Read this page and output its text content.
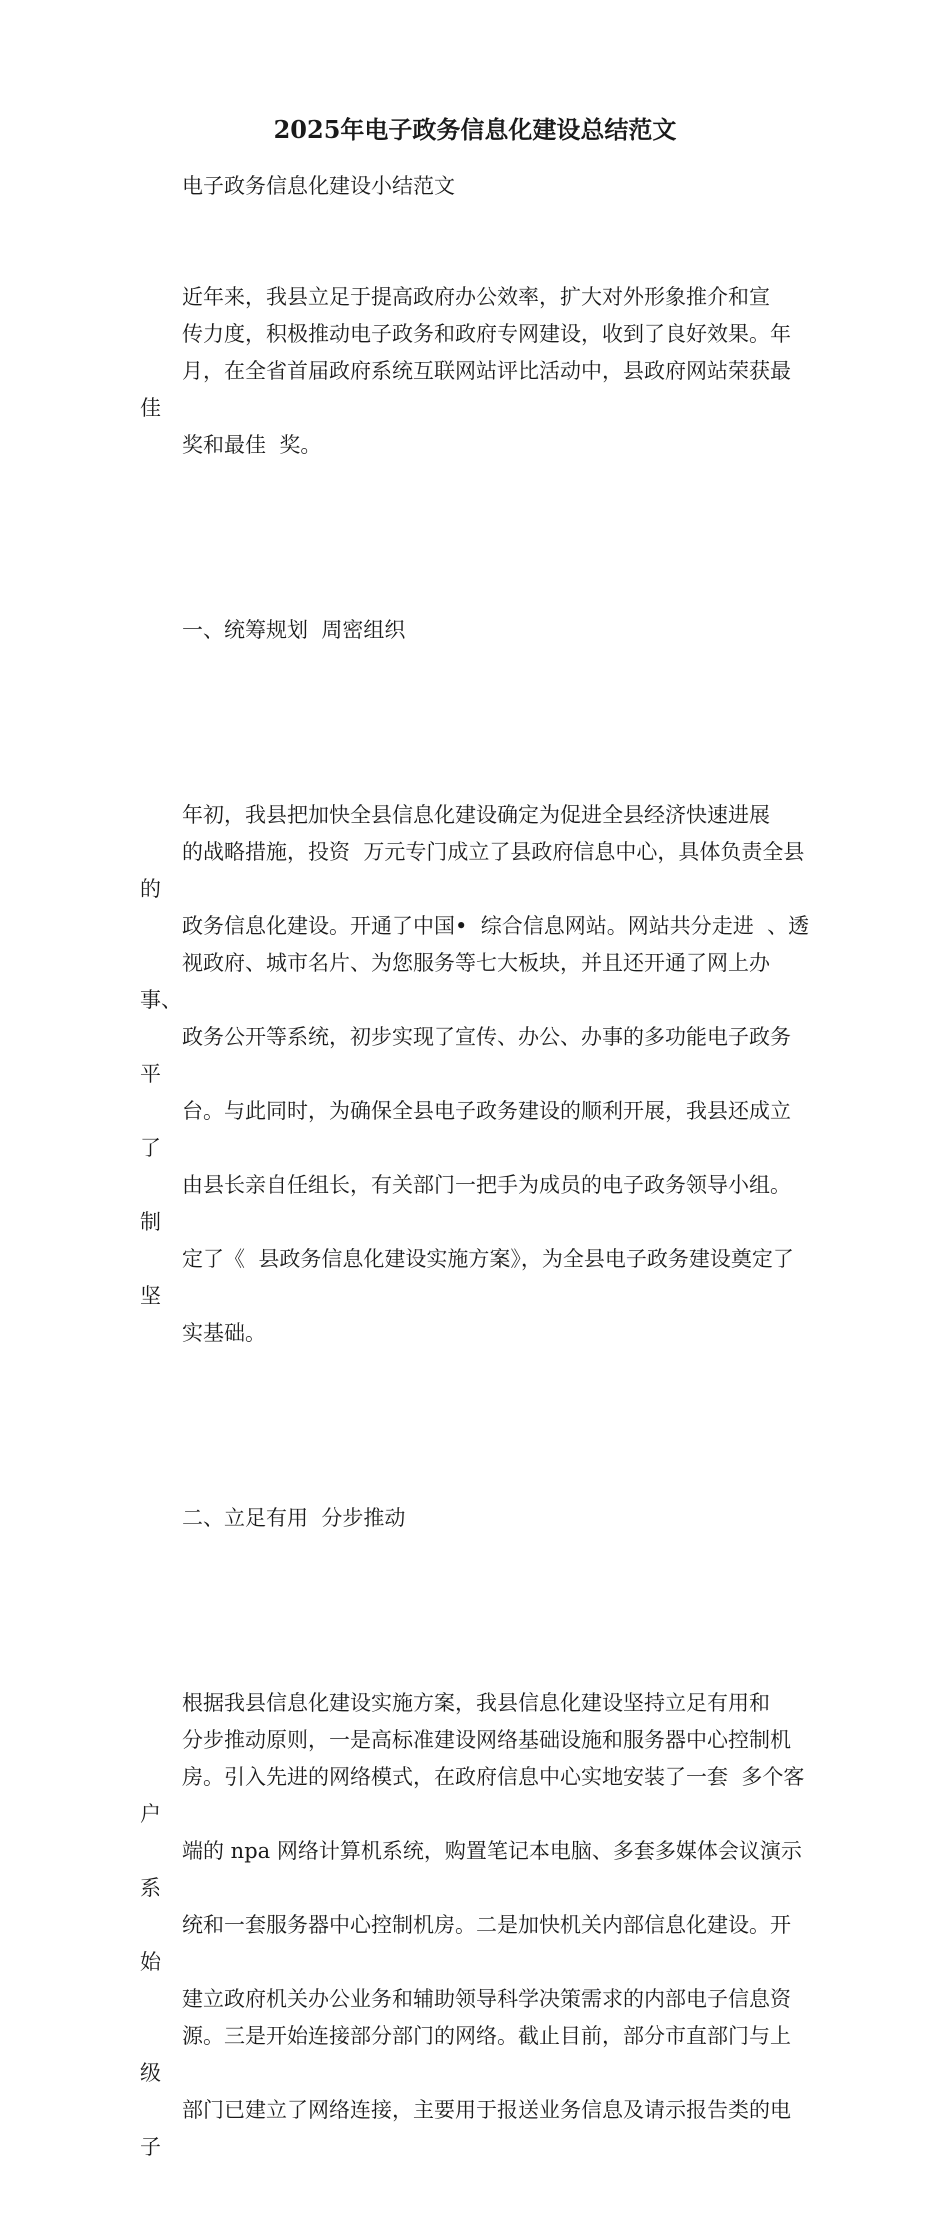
2025年电子政务信息化建设总结范文

电子政务信息化建设小结范文

近年来，我县立足于提高政府办公效率，扩大对外形象推介和宣
传力度，积极推动电子政务和政府专网建设，收到了良好效果。年
月，在全省首届政府系统互联网站评比活动中，县政府网站荣获最佳
奖和最佳  奖。

一、统筹规划  周密组织

年初，我县把加快全县信息化建设确定为促进全县经济快速进展
的战略措施，投资  万元专门成立了县政府信息中心，具体负责全县的
政务信息化建设。开通了中国•  综合信息网站。网站共分走进  、透
视政府、城市名片、为您服务等七大板块，并且还开通了网上办事、
政务公开等系统，初步实现了宣传、办公、办事的多功能电子政务平
台。与此同时，为确保全县电子政务建设的顺利开展，我县还成立了
由县长亲自任组长，有关部门一把手为成员的电子政务领导小组。制
定了《  县政务信息化建设实施方案》，为全县电子政务建设奠定了坚
实基础。

二、立足有用  分步推动

根据我县信息化建设实施方案，我县信息化建设坚持立足有用和
分步推动原则，一是高标准建设网络基础设施和服务器中心控制机
房。引入先进的网络模式，在政府信息中心实地安装了一套  多个客户
端的 npa 网络计算机系统，购置笔记本电脑、多套多媒体会议演示系
统和一套服务器中心控制机房。二是加快机关内部信息化建设。开始
建立政府机关办公业务和辅助领导科学决策需求的内部电子信息资
源。三是开始连接部分部门的网络。截止目前，部分市直部门与上级
部门已建立了网络连接，主要用于报送业务信息及请示报告类的电子
